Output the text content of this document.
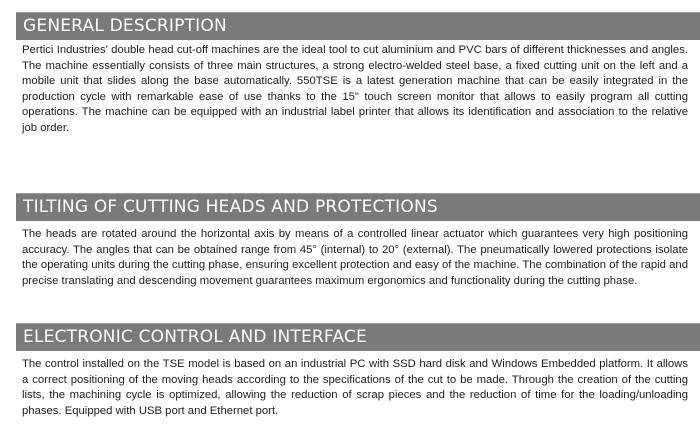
GENERAL DESCRIPTION

Pertici Industries' double head cut-off machines are the ideal tool to cut aluminium and PVC bars of different thicknesses and angles. The machine essentially consists of three main structures, a strong electro-welded steel base, a fixed cutting unit on the left and a mobile unit that slides along the base automatically. 550TSE is a latest generation machine that can be easily integrated in the production cycle with remarkable ease of use thanks to the 15" touch screen monitor that allows to easily program all cutting operations. The machine can be equipped with an industrial label printer that allows its identification and association to the relative job order.

TILTING OF CUTTING HEADS AND PROTECTIONS

The heads are rotated around the horizontal axis by means of a controlled linear actuator which guarantees very high positioning accuracy. The angles that can be obtained range from 45° (internal) to 20° (external). The pneumatically lowered protections isolate the operating units during the cutting phase, ensuring excellent protection and easy of the machine. The combination of the rapid and precise translating and descending movement guarantees maximum ergonomics and functionality during the cutting phase.

ELECTRONIC CONTROL AND INTERFACE

The control installed on the TSE model is based on an industrial PC with SSD hard disk and Windows Embedded platform. It allows a correct positioning of the moving heads according to the specifications of the cut to be made. Through the creation of the cutting lists, the machining cycle is optimized, allowing the reduction of scrap pieces and the reduction of time for the loading/unloading phases. Equipped with USB port and Ethernet port.
